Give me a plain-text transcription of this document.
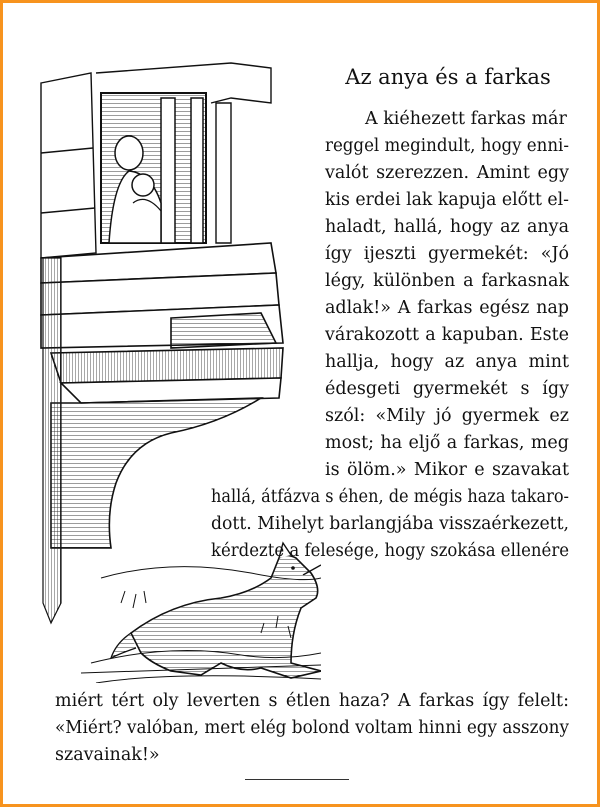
Az anya és a farkas
A kiéhezett farkas már
reggel megindult, hogy enni-
valót szerezzen. Amint egy
kis erdei lak kapuja előtt el-
haladt, hallá, hogy az anya
így ijeszti gyermekét: «Jó
légy, különben a farkasnak
adlak!» A farkas egész nap
várakozott a kapuban. Este
hallja, hogy az anya mint
édesgeti gyermekét s így
szól: «Mily jó gyermek ez
most; ha eljő a farkas, meg
is ölöm.» Mikor e szavakat
hallá, átfázva s éhen, de mégis haza takaro-
dott. Mihelyt barlangjába visszaérkezett,
kérdezte a felesége, hogy szokása ellenére
miért tért oly leverten s étlen haza? A farkas így felelt:
«Miért? valóban, mert elég bolond voltam hinni egy asszony
szavainak!»
